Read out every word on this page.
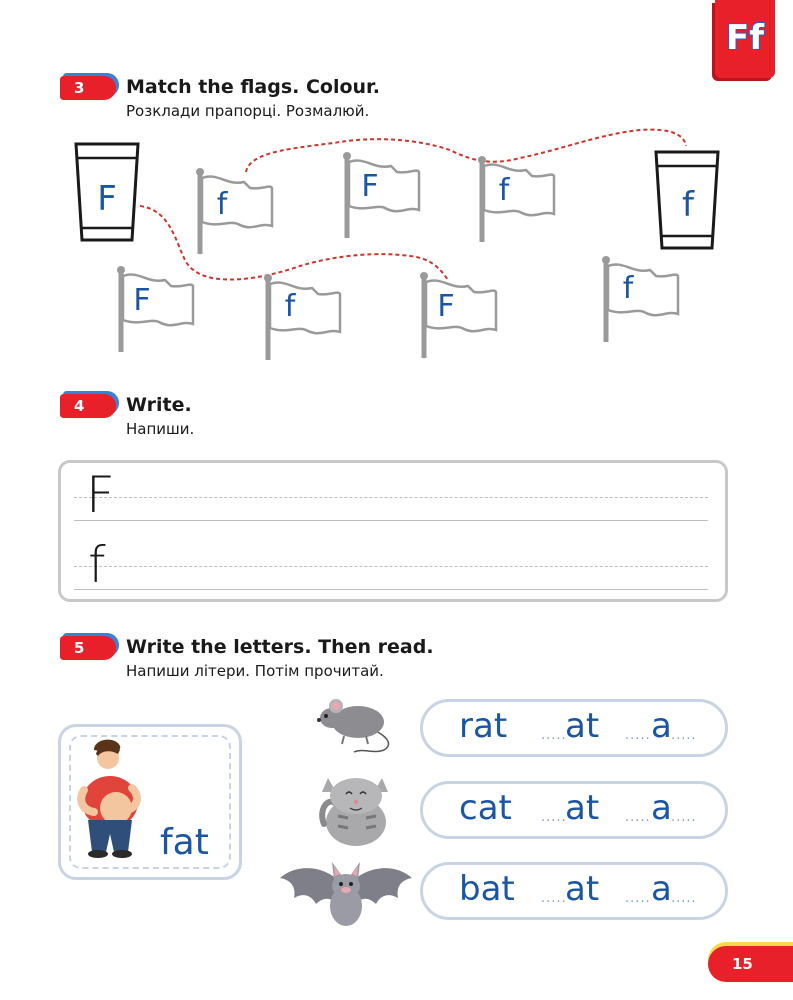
Ff
3	Match the flags. Colour.
Розклади прапорці. Розмалюй.
F	f
f
F	f
F	f	F
f
4	Write.
Напиши.
F
f
5	Write the letters. Then read.
Напиши літери. Потім прочитай.
fat
rat	.....
at ..... a .....
cat .....
at ..... a .....
bat .....
at ..... a .....
15
